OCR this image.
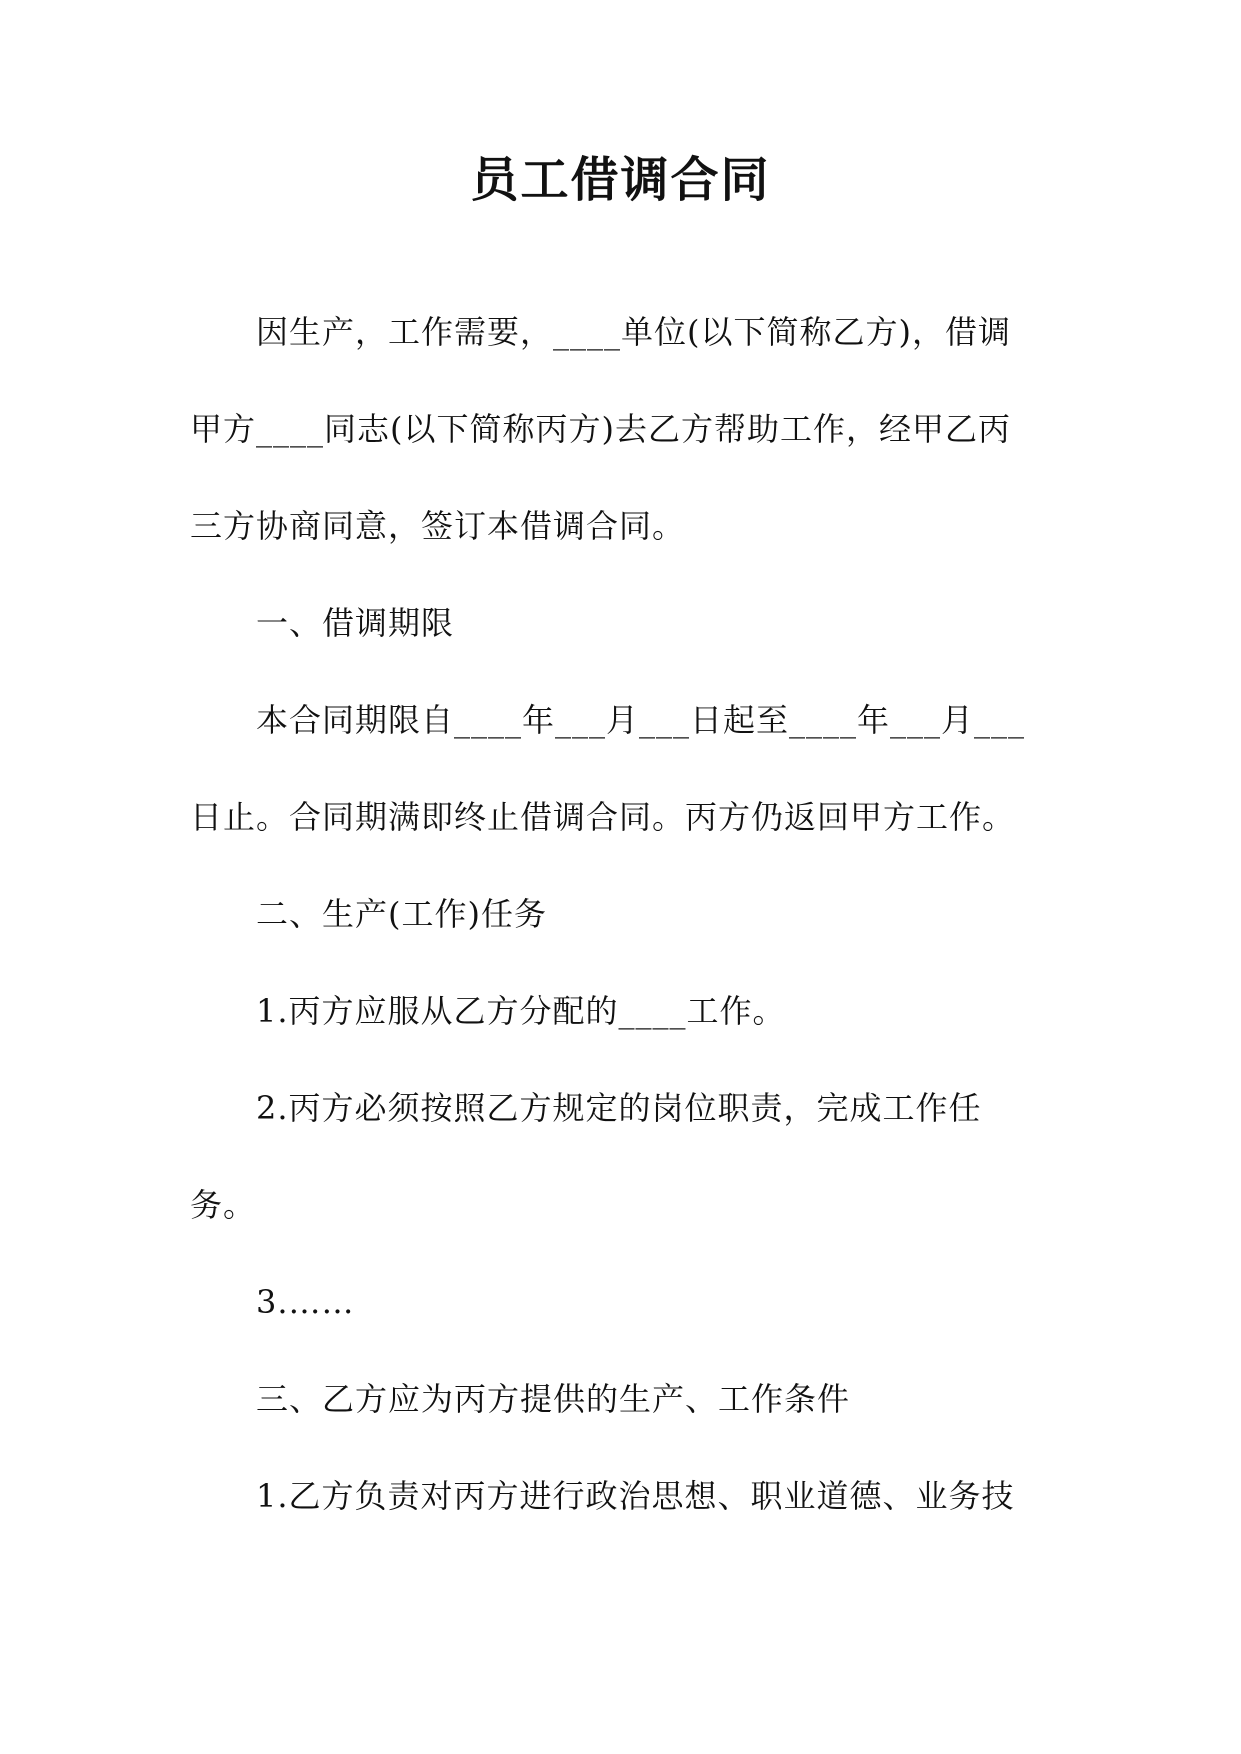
员工借调合同
因生产，工作需要，____单位(以下简称乙方)，借调
甲方____同志(以下简称丙方)去乙方帮助工作，经甲乙丙
三方协商同意，签订本借调合同。
一、借调期限
本合同期限自____年___月___日起至____年___月___
日止。合同期满即终止借调合同。丙方仍返回甲方工作。
二、生产(工作)任务
1.丙方应服从乙方分配的____工作。
2.丙方必须按照乙方规定的岗位职责，完成工作任
务。
3.……
三、乙方应为丙方提供的生产、工作条件
1.乙方负责对丙方进行政治思想、职业道德、业务技
